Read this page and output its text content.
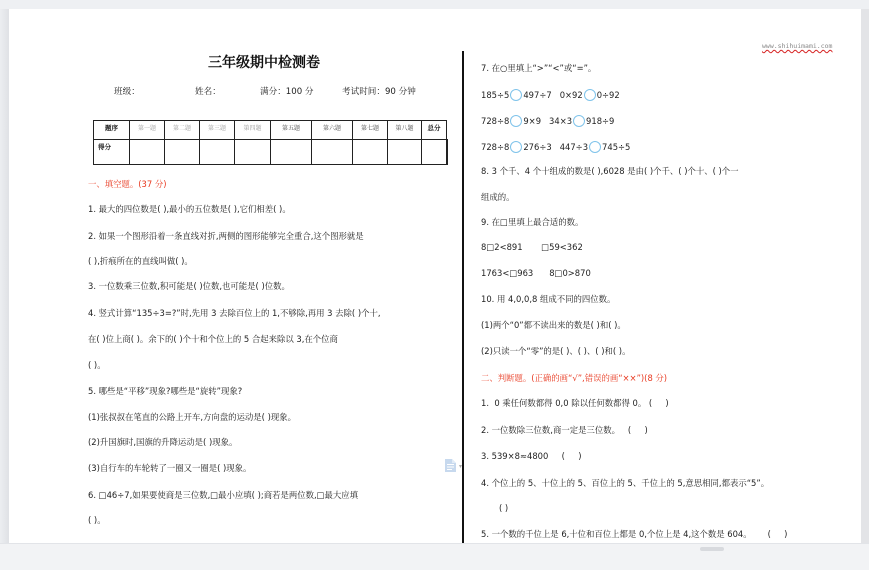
www.shihuimami.com
三年级期中检测卷
班级：	姓名：	满分：100 分	考试时间：90 分钟
题序	第一题	第二题	第三题	第四题	第五题	第六题	第七题	第八题	总分	
得分										
一、填空题。(37 分)
1. 最大的四位数是( ),最小的五位数是( ),它们相差( )。
2. 如果一个图形沿着一条直线对折,两侧的图形能够完全重合,这个图形就是
( ),折痕所在的直线叫做( )。
3. 一位数乘三位数,积可能是( )位数,也可能是( )位数。
4. 竖式计算“135÷3=?”时,先用 3 去除百位上的 1,不够除,再用 3 去除( )个十,
在( )位上商( )。余下的( )个十和个位上的 5 合起来除以 3,在个位商
( )。
5. 哪些是“平移”现象?哪些是“旋转”现象?
(1)张叔叔在笔直的公路上开车,方向盘的运动是( )现象。
(2)升国旗时,国旗的升降运动是( )现象。
(3)自行车的车轮转了一圈又一圈是( )现象。
6. □46÷7,如果要使商是三位数,□最小应填( );商若是两位数,□最大应填
( )。
▾
7. 在○里填上“>”“<”或“=”。
185÷5 497÷7 0×92 0÷92
728÷8 9×9 34×3 918÷9
728÷8 276÷3 447÷3 745÷5
8. 3 个千、4 个十组成的数是( ),6028 是由( )个千、( )个十、( )个一
组成的。
9. 在□里填上最合适的数。
8□2<891       □59<362
1763<□963      8□0>870
10. 用 4,0,0,8 组成不同的四位数。
(1)两个“0”都不读出来的数是( )和( )。
(2)只读一个“零”的是( )、( )、( )和( )。
二、判断题。(正确的画“√”,错误的画“××”)(8 分)
1.  0 乘任何数都得 0,0 除以任何数都得 0。 (     )
2. 一位数除三位数,商一定是三位数。   (     )
3. 539×8≈4800     (     )
4. 个位上的 5、十位上的 5、百位上的 5、千位上的 5,意思相同,都表示“5”。
( )
5. 一个数的千位上是 6,十位和百位上都是 0,个位上是 4,这个数是 604。      (     )
